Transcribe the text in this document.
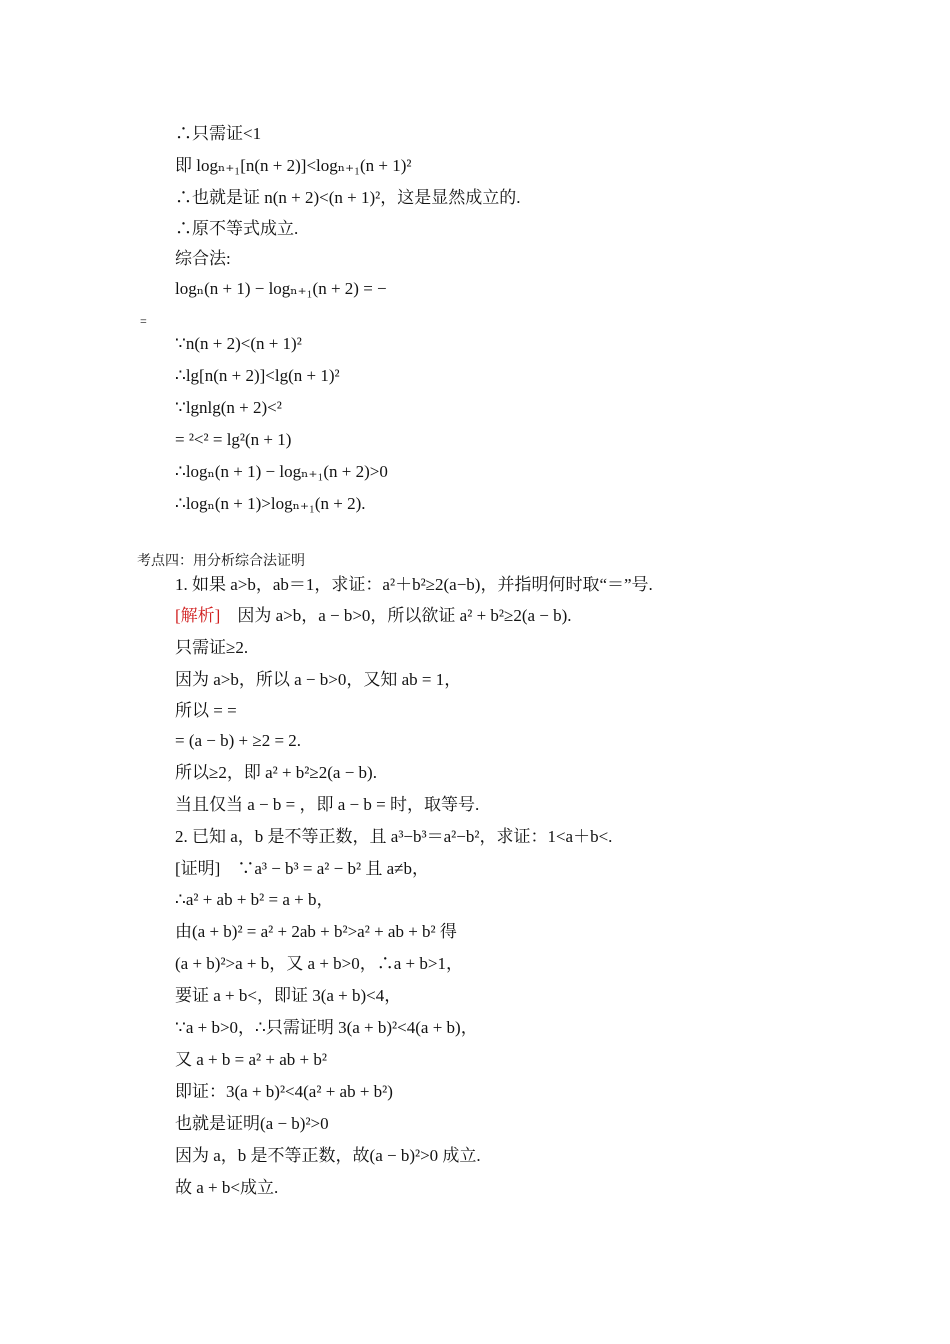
∴只需证<1
即 logₙ₊₁[n(n + 2)]<logₙ₊₁(n + 1)²
∴也就是证 n(n + 2)<(n + 1)²，这是显然成立的.
∴原不等式成立.
综合法:
logₙ(n + 1) − logₙ₊₁(n + 2) = −
=
∵n(n + 2)<(n + 1)²
∴lg[n(n + 2)]<lg(n + 1)²
∵lgnlg(n + 2)<²
= ²<² = lg²(n + 1)
∴logₙ(n + 1) − logₙ₊₁(n + 2)>0
∴logₙ(n + 1)>logₙ₊₁(n + 2).
考点四：用分析综合法证明
1. 如果 a>b，ab＝1，求证：a²＋b²≥2(a−b)，并指明何时取“＝”号.
[解析] 因为 a>b，a − b>0，所以欲证 a² + b²≥2(a − b).
只需证≥2.
因为 a>b，所以 a − b>0，又知 ab = 1，
所以 = =
= (a − b) + ≥2 = 2.
所以≥2，即 a² + b²≥2(a − b).
当且仅当 a − b = ，即 a − b = 时，取等号.
2. 已知 a，b 是不等正数，且 a³−b³＝a²−b²，求证：1<a＋b<.
[证明] ∵a³ − b³ = a² − b² 且 a≠b，
∴a² + ab + b² = a + b，
由(a + b)² = a² + 2ab + b²>a² + ab + b² 得
(a + b)²>a + b，又 a + b>0，∴a + b>1，
要证 a + b<，即证 3(a + b)<4，
∵a + b>0，∴只需证明 3(a + b)²<4(a + b)，
又 a + b = a² + ab + b²
即证：3(a + b)²<4(a² + ab + b²)
也就是证明(a − b)²>0
因为 a，b 是不等正数，故(a − b)²>0 成立.
故 a + b<成立.
